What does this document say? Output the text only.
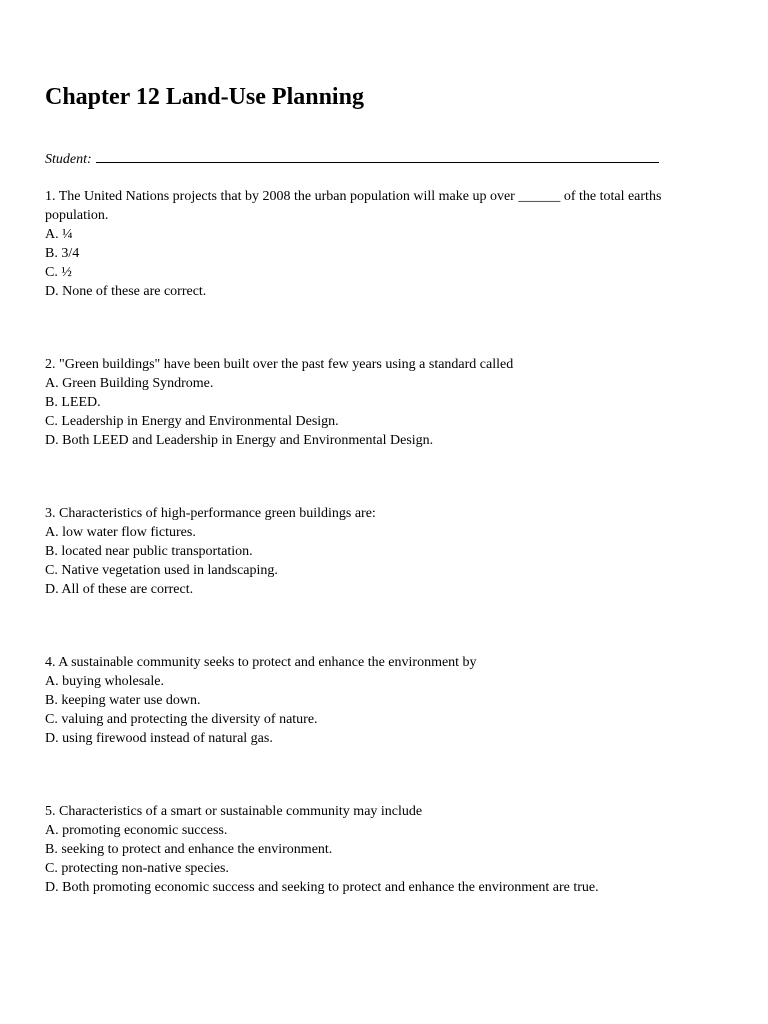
Chapter 12 Land-Use Planning
Student:

1. The United Nations projects that by 2008 the urban population will make up over ______ of the total earths population.

A. ¼
B. 3/4
C. ½
D. None of these are correct.

2. "Green buildings" have been built over the past few years using a standard called

A. Green Building Syndrome.
B. LEED.
C. Leadership in Energy and Environmental Design.
D. Both LEED and Leadership in Energy and Environmental Design.

3. Characteristics of high-performance green buildings are:

A. low water flow fictures.
B. located near public transportation.
C. Native vegetation used in landscaping.
D. All of these are correct.

4. A sustainable community seeks to protect and enhance the environment by

A. buying wholesale.
B. keeping water use down.
C. valuing and protecting the diversity of nature.
D. using firewood instead of natural gas.

5. Characteristics of a smart or sustainable community may include

A. promoting economic success.
B. seeking to protect and enhance the environment.
C. protecting non-native species.
D. Both promoting economic success and seeking to protect and enhance the environment are true.
